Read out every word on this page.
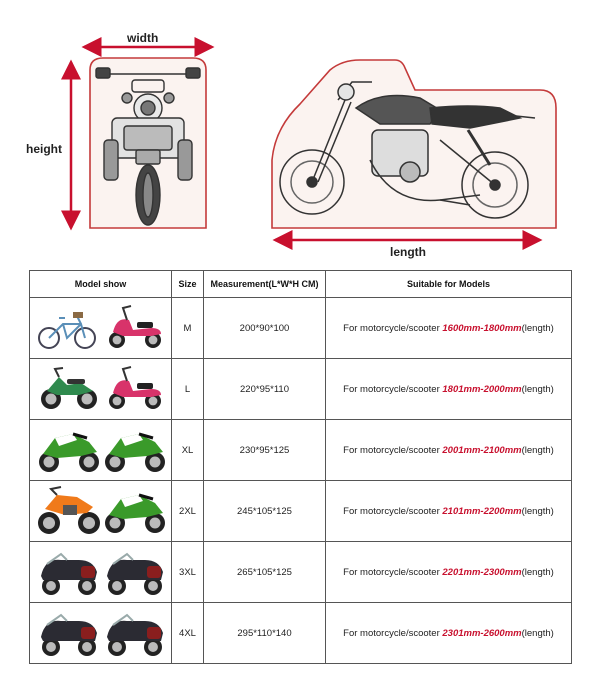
width
height
length
Model show	Size	Measurement(L*W*H CM)	Suitable for Models

	M	200*90*100	For motorcycle/scooter 1600mm-1800mm(length)

	L	220*95*110	For motorcycle/scooter 1801mm-2000mm(length)

	XL	230*95*125	For motorcycle/scooter 2001mm-2100mm(length)

	2XL	245*105*125	For motorcycle/scooter 2101mm-2200mm(length)

	3XL	265*105*125	For motorcycle/scooter 2201mm-2300mm(length)

	4XL	295*110*140	For motorcycle/scooter 2301mm-2600mm(length)
